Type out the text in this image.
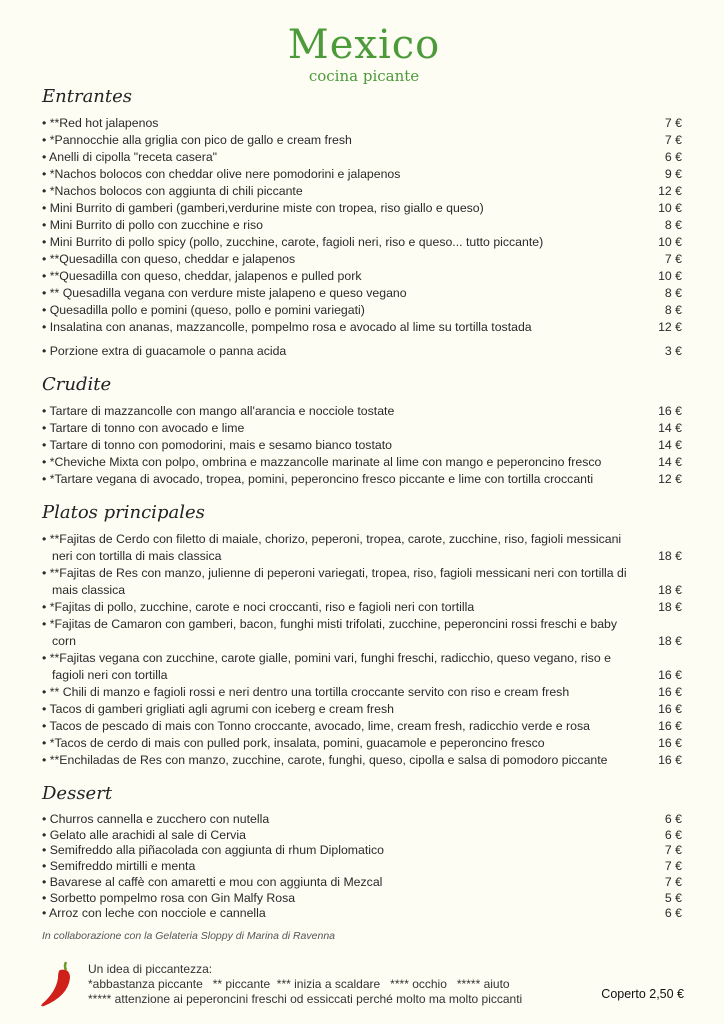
Mexico
cocina picante
Entrantes
• **Red hot jalapenos	7 €
• *Pannocchie alla griglia con pico de gallo e cream fresh	7 €
• Anelli di cipolla "receta casera"	6 €
• *Nachos bolocos con cheddar olive nere pomodorini e jalapenos	9 €
• *Nachos bolocos con aggiunta di chili piccante	12 €
• Mini Burrito di gamberi (gamberi,verdurine miste con tropea, riso giallo e queso)	10 €
• Mini Burrito di pollo con zucchine e riso	8 €
• Mini Burrito di pollo spicy (pollo, zucchine, carote, fagioli neri, riso e queso... tutto piccante)	10 €
• **Quesadilla con queso, cheddar e jalapenos	7 €
• **Quesadilla con queso, cheddar, jalapenos e pulled pork	10 €
• ** Quesadilla vegana con verdure miste jalapeno e queso vegano	8 €
• Quesadilla pollo e pomini (queso, pollo e pomini variegati)	8 €
• Insalatina con ananas, mazzancolle, pompelmo rosa e avocado al lime su tortilla tostada	12 €
• Porzione extra di guacamole o panna acida	3 €
Crudite
• Tartare di mazzancolle con mango all'arancia e nocciole tostate	16 €
• Tartare di tonno con avocado e lime	14 €
• Tartare di tonno con pomodorini, mais e sesamo bianco tostato	14 €
• *Cheviche Mixta con polpo, ombrina e mazzancolle marinate al lime con mango e peperoncino fresco	14 €
• *Tartare vegana di avocado, tropea, pomini, peperoncino fresco piccante e lime con tortilla croccanti	12 €
Platos principales
• **Fajitas de Cerdo con filetto di maiale, chorizo, peperoni, tropea, carote, zucchine, riso, fagioli messicani neri con tortilla di mais classica	18 €
• **Fajitas de Res con manzo, julienne di peperoni variegati, tropea, riso, fagioli messicani neri con tortilla di mais classica	18 €
• *Fajitas di pollo, zucchine, carote e noci croccanti, riso e fagioli neri con tortilla	18 €
• *Fajitas de Camaron con gamberi, bacon, funghi misti trifolati, zucchine, peperoncini rossi freschi e baby corn	18 €
• **Fajitas vegana con zucchine, carote gialle, pomini vari, funghi freschi, radicchio, queso vegano, riso e fagioli neri con tortilla	16 €
• ** Chili di manzo e fagioli rossi e neri dentro una tortilla croccante servito con riso e cream fresh	16 €
• Tacos di gamberi grigliati agli agrumi con iceberg e cream fresh	16 €
• Tacos de pescado di mais con Tonno croccante, avocado, lime, cream fresh, radicchio verde e rosa	16 €
• *Tacos de cerdo di mais con pulled pork, insalata, pomini, guacamole e peperoncino fresco	16 €
• **Enchiladas de Res con manzo, zucchine, carote, funghi, queso, cipolla e salsa di pomodoro piccante	16 €
Dessert
• Churros cannella e zucchero con nutella	6 €
• Gelato alle arachidi al sale di Cervia	6 €
• Semifreddo alla piñacolada con aggiunta di rhum Diplomatico	7 €
• Semifreddo mirtilli e menta	7 €
• Bavarese al caffè con amaretti e mou con aggiunta di Mezcal	7 €
• Sorbetto pompelmo rosa con Gin Malfy Rosa	5 €
• Arroz con leche con nocciole e cannella	6 €
In collaborazione con la Gelateria Sloppy di Marina di Ravenna
Un idea di piccantezza:
*abbastanza piccante   ** piccante  *** inizia a scaldare   **** occhio   ***** aiuto
***** attenzione ai peperoncini freschi od essiccati perché molto ma molto piccanti	Coperto 2,50 €
